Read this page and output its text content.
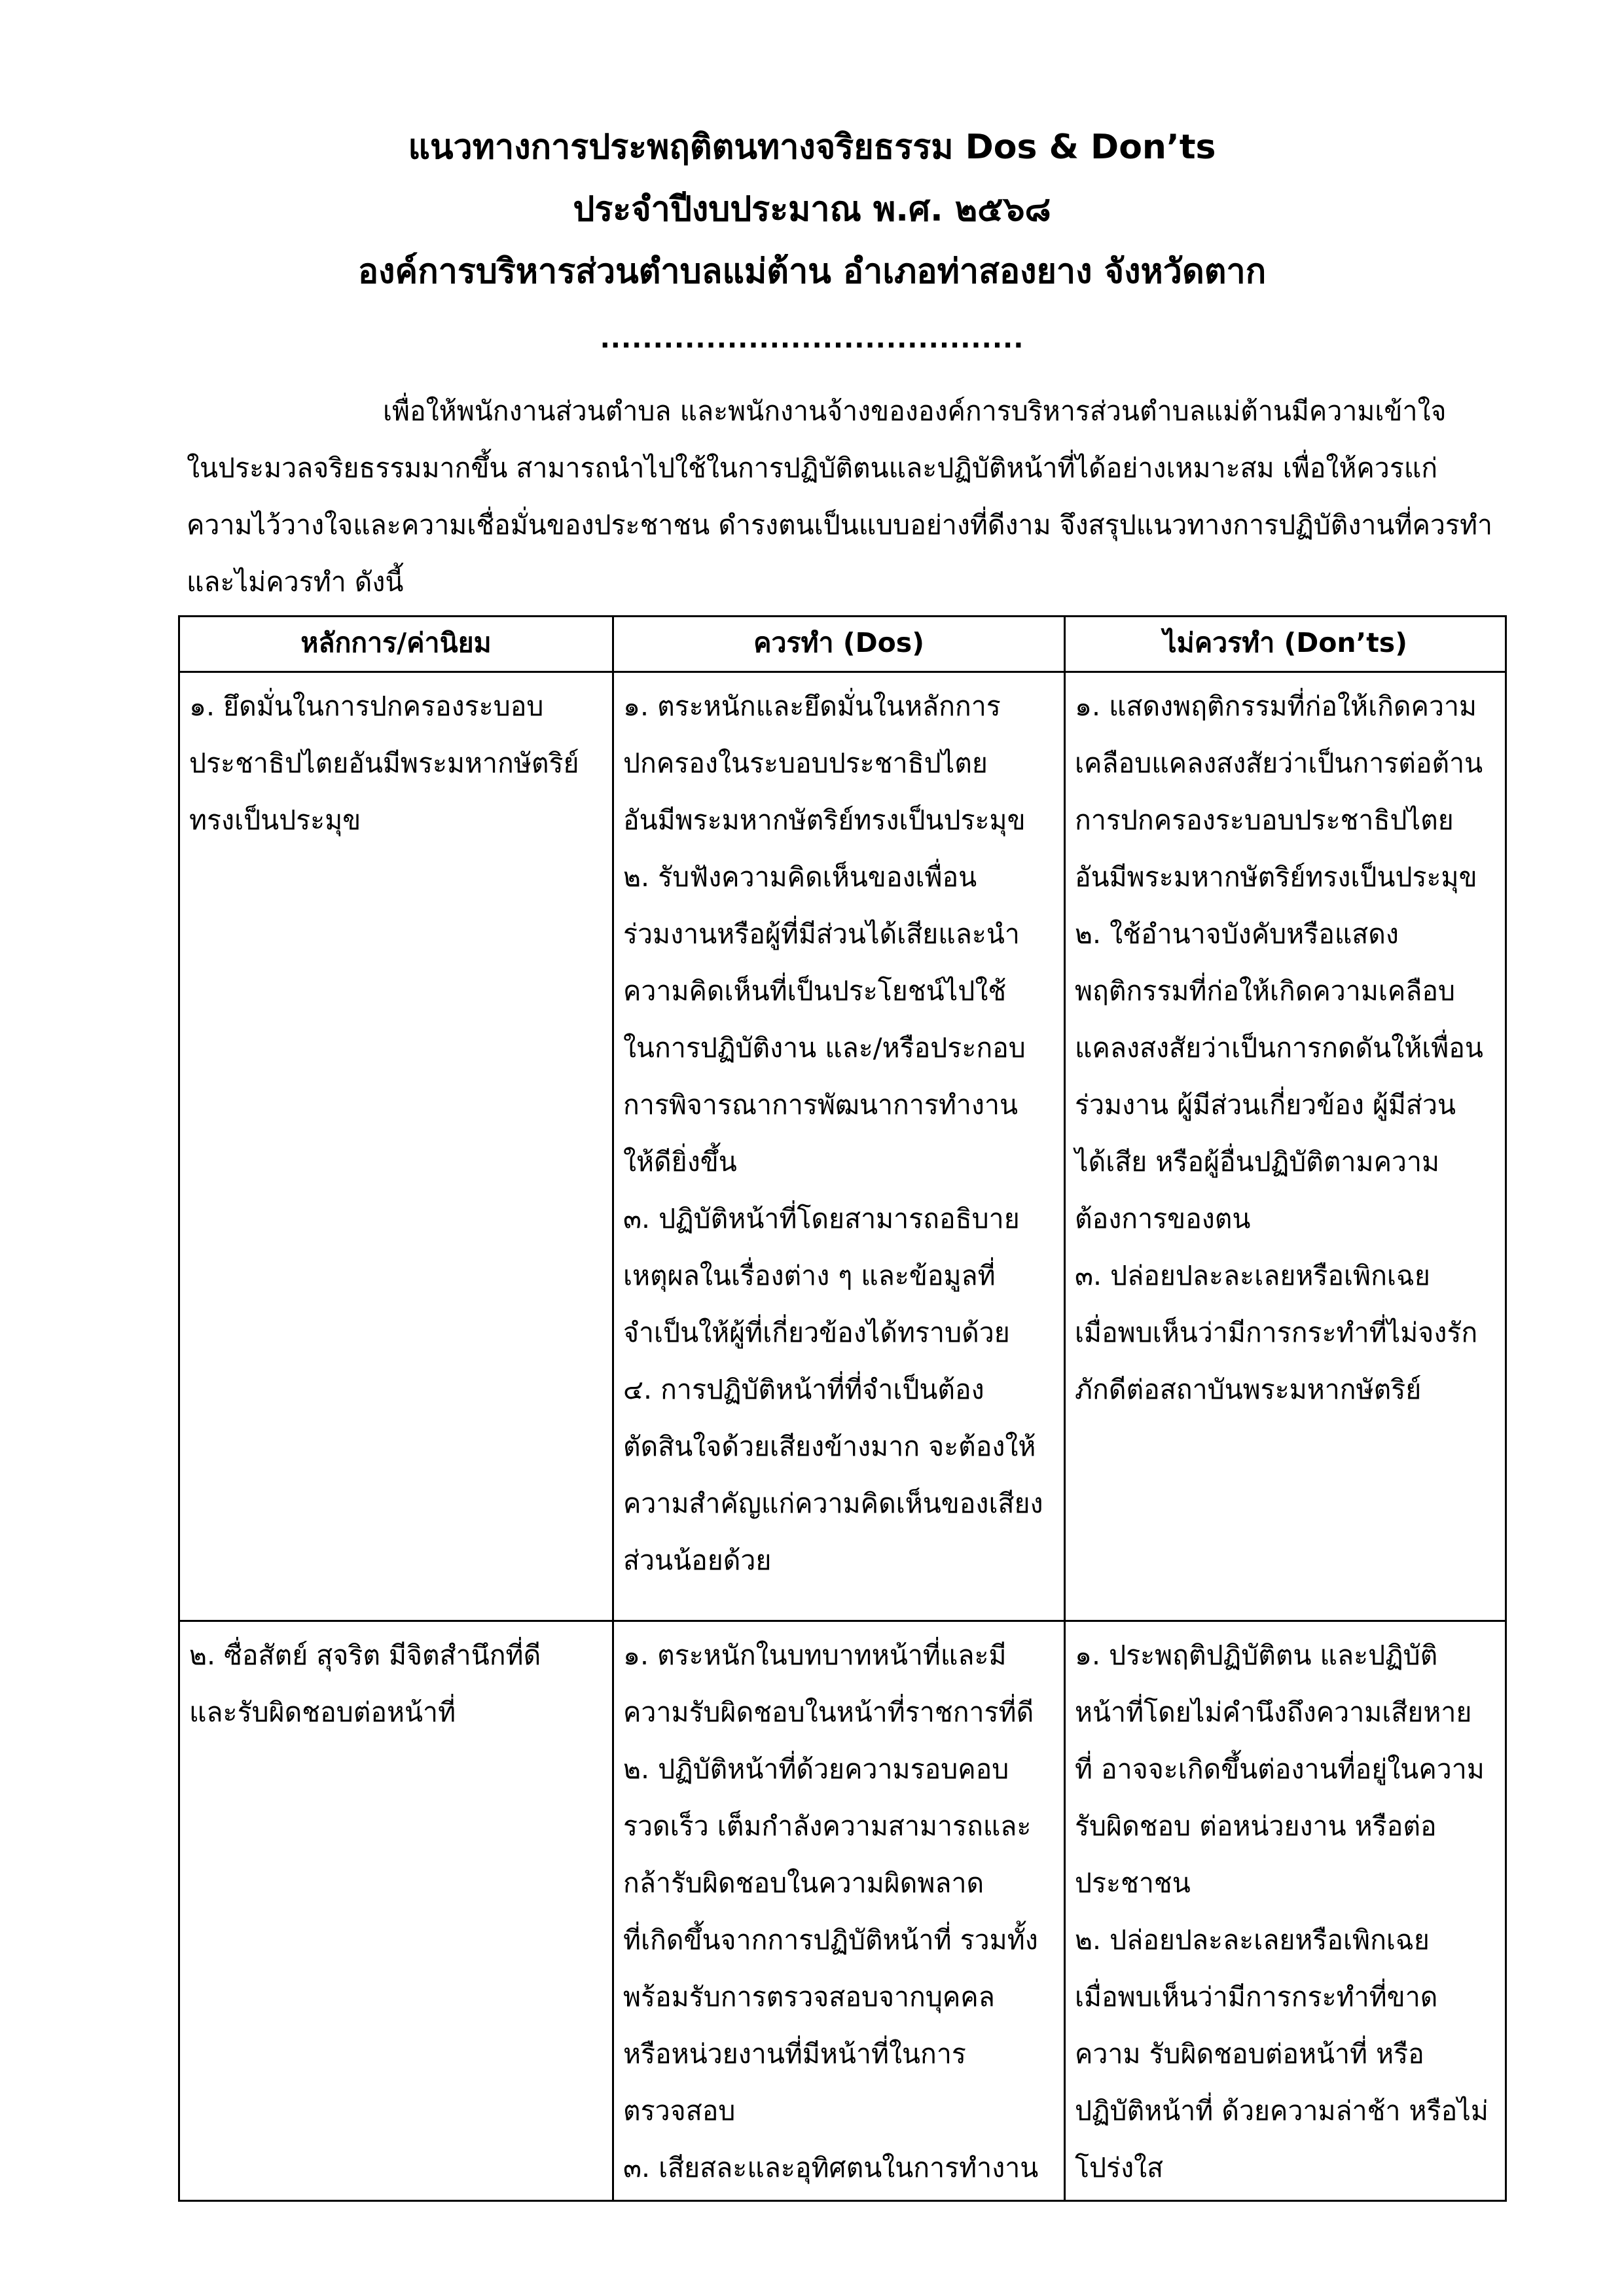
แนวทางการประพฤติตนทางจริยธรรม Dos & Don’ts
ประจำปีงบประมาณ พ.ศ. ๒๕๖๘
องค์การบริหารส่วนตำบลแม่ต้าน อำเภอท่าสองยาง จังหวัดตาก
........................................
เพื่อให้พนักงานส่วนตำบล และพนักงานจ้างขององค์การบริหารส่วนตำบลแม่ต้านมีความเข้าใจ
ในประมวลจริยธรรมมากขึ้น สามารถนำไปใช้ในการปฏิบัติตนและปฏิบัติหน้าที่ได้อย่างเหมาะสม เพื่อให้ควรแก่
ความไว้วางใจและความเชื่อมั่นของประชาชน ดำรงตนเป็นแบบอย่างที่ดีงาม จึงสรุปแนวทางการปฏิบัติงานที่ควรทำ
และไม่ควรทำ ดังนี้
หลักการ/ค่านิยม	ควรทำ (Dos)	ไม่ควรทำ (Don’ts)
๑. ยึดมั่นในการปกครองระบอบ
ประชาธิปไตยอันมีพระมหากษัตริย์
ทรงเป็นประมุข
๑. ตระหนักและยึดมั่นในหลักการ
ปกครองในระบอบประชาธิปไตย
อันมีพระมหากษัตริย์ทรงเป็นประมุข
๒. รับฟังความคิดเห็นของเพื่อน
ร่วมงานหรือผู้ที่มีส่วนได้เสียและนำ
ความคิดเห็นที่เป็นประโยชน์ไปใช้
ในการปฏิบัติงาน และ/หรือประกอบ
การพิจารณาการพัฒนาการทำงาน
ให้ดียิ่งขึ้น
๓. ปฏิบัติหน้าที่โดยสามารถอธิบาย
เหตุผลในเรื่องต่าง ๆ และข้อมูลที่
จำเป็นให้ผู้ที่เกี่ยวข้องได้ทราบด้วย
๔. การปฏิบัติหน้าที่ที่จำเป็นต้อง
ตัดสินใจด้วยเสียงข้างมาก จะต้องให้
ความสำคัญแก่ความคิดเห็นของเสียง
ส่วนน้อยด้วย
๑. แสดงพฤติกรรมที่ก่อให้เกิดความ
เคลือบแคลงสงสัยว่าเป็นการต่อต้าน
การปกครองระบอบประชาธิปไตย
อันมีพระมหากษัตริย์ทรงเป็นประมุข
๒. ใช้อำนาจบังคับหรือแสดง
พฤติกรรมที่ก่อให้เกิดความเคลือบ
แคลงสงสัยว่าเป็นการกดดันให้เพื่อน
ร่วมงาน ผู้มีส่วนเกี่ยวข้อง ผู้มีส่วน
ได้เสีย หรือผู้อื่นปฏิบัติตามความ
ต้องการของตน
๓. ปล่อยปละละเลยหรือเพิกเฉย
เมื่อพบเห็นว่ามีการกระทำที่ไม่จงรัก
ภักดีต่อสถาบันพระมหากษัตริย์
๒. ซื่อสัตย์ สุจริต มีจิตสำนึกที่ดี
และรับผิดชอบต่อหน้าที่
๑. ตระหนักในบทบาทหน้าที่และมี
ความรับผิดชอบในหน้าที่ราชการที่ดี
๒. ปฏิบัติหน้าที่ด้วยความรอบคอบ
รวดเร็ว เต็มกำลังความสามารถและ
กล้ารับผิดชอบในความผิดพลาด
ที่เกิดขึ้นจากการปฏิบัติหน้าที่ รวมทั้ง
พร้อมรับการตรวจสอบจากบุคคล
หรือหน่วยงานที่มีหน้าที่ในการ
ตรวจสอบ
๓. เสียสละและอุทิศตนในการทำงาน
๑. ประพฤติปฏิบัติตน และปฏิบัติ
หน้าที่โดยไม่คำนึงถึงความเสียหาย
ที่ อาจจะเกิดขึ้นต่องานที่อยู่ในความ
รับผิดชอบ ต่อหน่วยงาน หรือต่อ
ประชาชน
๒. ปล่อยปละละเลยหรือเพิกเฉย
เมื่อพบเห็นว่ามีการกระทำที่ขาด
ความ รับผิดชอบต่อหน้าที่ หรือ
ปฏิบัติหน้าที่ ด้วยความล่าช้า หรือไม่
โปร่งใส
